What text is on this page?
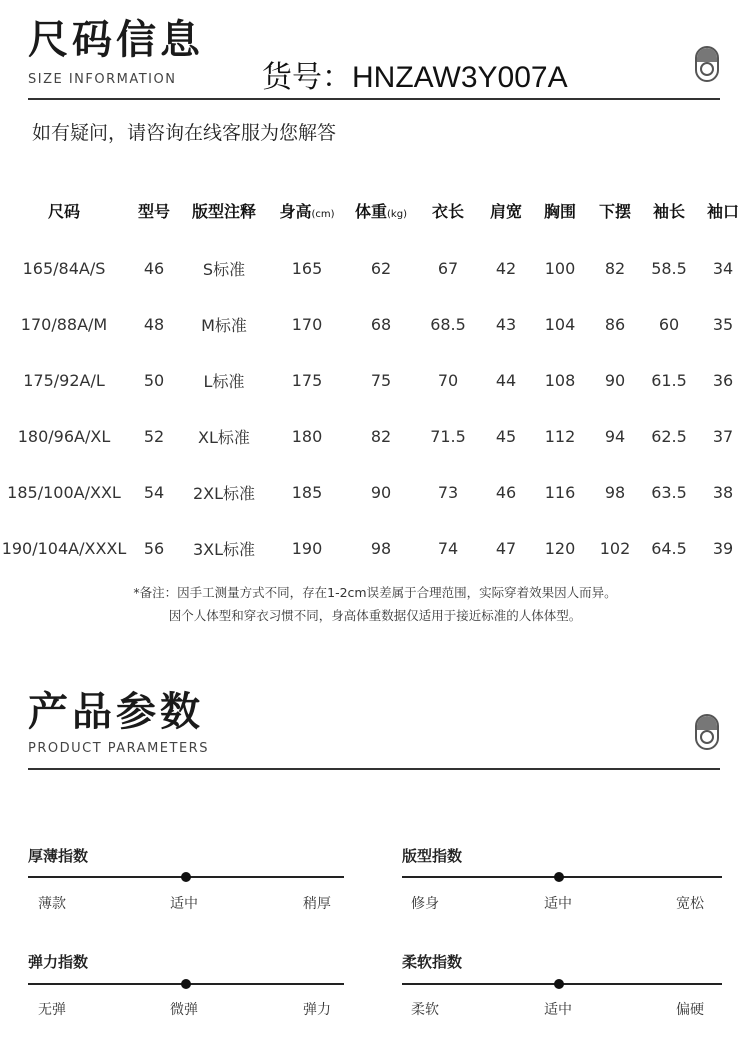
尺码信息
SIZE INFORMATION	货号：HNZAW3Y007A
如有疑问，请咨询在线客服为您解答
尺码	型号	版型注释	身高(cm)	体重(kg)	衣长	肩宽	胸围	下摆	袖长	袖口
165/84A/S	46	S标准	165	62	67	42	100	82	58.5	34
170/88A/M	48	M标准	170	68	68.5	43	104	86	60	35
175/92A/L	50	L标准	175	75	70	44	108	90	61.5	36
180/96A/XL	52	XL标准	180	82	71.5	45	112	94	62.5	37
185/100A/XXL	54	2XL标准	185	90	73	46	116	98	63.5	38
190/104A/XXXL	56	3XL标准	190	98	74	47	120	102	64.5	39
*备注：因手工测量方式不同，存在1-2cm误差属于合理范围，实际穿着效果因人而异。
因个人体型和穿衣习惯不同，身高体重数据仅适用于接近标准的人体体型。
产品参数
PRODUCT PARAMETERS
厚薄指数
薄款	适中	稍厚
版型指数
修身	适中	宽松
弹力指数
无弹	微弹	弹力
柔软指数
柔软	适中	偏硬
